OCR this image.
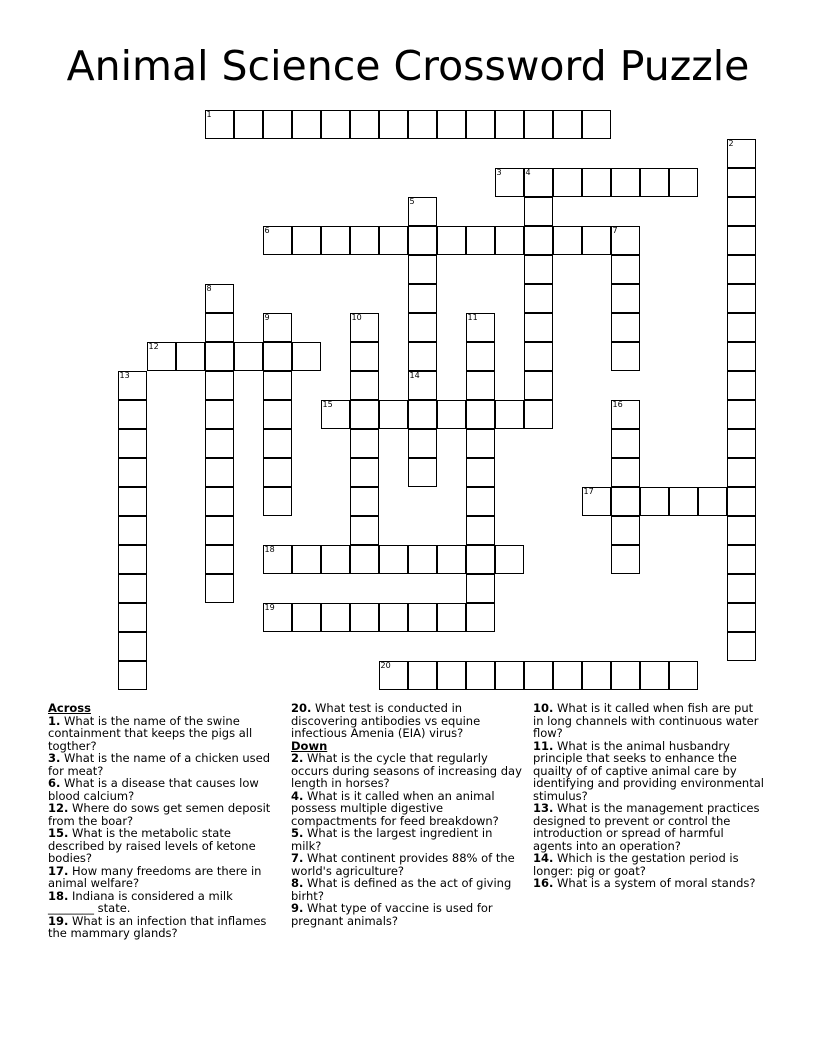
Animal Science Crossword Puzzle
1
2
3	4
5
6	7
8
9	10	11
12
13	14
15	16
17
18
19
20
Across
1. What is the name of the swine containment that keeps the pigs all togther?
3. What is the name of a chicken used for meat?
6. What is a disease that causes low blood calcium?
12. Where do sows get semen deposit from the boar?
15. What is the metabolic state described by raised levels of ketone bodies?
17. How many freedoms are there in animal welfare?
18. Indiana is considered a milk ________ state.
19. What is an infection that inflames the mammary glands?
20. What test is conducted in discovering antibodies vs equine infectious Amenia (EIA) virus?
Down
2. What is the cycle that regularly occurs during seasons of increasing day length in horses?
4. What is it called when an animal possess multiple digestive compactments for feed breakdown?
5. What is the largest ingredient in milk?
7. What continent provides 88% of the world's agriculture?
8. What is defined as the act of giving birht?
9. What type of vaccine is used for pregnant animals?
10. What is it called when fish are put in long channels with continuous water flow?
11. What is the animal husbandry principle that seeks to enhance the quailty of of captive animal care by identifying and providing environmental stimulus?
13. What is the management practices designed to prevent or control the introduction or spread of harmful agents into an operation?
14. Which is the gestation period is longer: pig or goat?
16. What is a system of moral stands?
